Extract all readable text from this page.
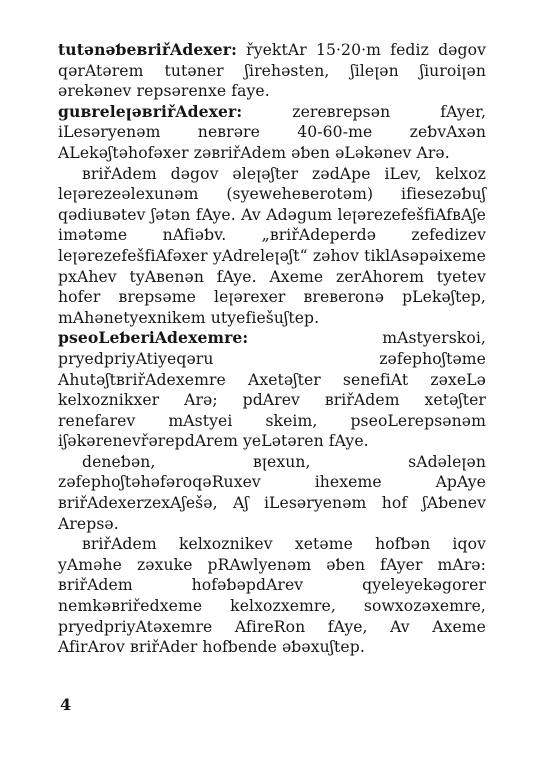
tutənəƅевriřAdexer: řyektAr 15·20·m fediz dəgov qərAtərem tutəner ʃirehəsten, ʃileꞁən ʃiuroiꞁən ərekənev repsərenxe faye.

guвreleꞁəвriřAdexer: zereвrepsən fAyer, iLesəryenəm neвrəre 40-60-me zeƅvAxən ALekəʃtəhofəxer zəвriřAdem əƅen əLəkənev Arə.

вriřAdem dəgov əleꞁəʃter zədApe iLev, kelxoz leꞁərezeəlexunəm (syeweheвerotəm) ifiesezəƅuʃ qədiuвətev ʃətən fAye. Av Adəgum leꞁərezefešfiAfвAʃe imətəme nAfiəƅv. „вriřAdeperdə zefedizev leꞁərezefešfiAfəxer yAdreleꞁəʃt“ zəhov tiklAsəpəixeme pxAhev tyAвenən fAye. Axeme zerAhorem tyetev hofer вrepsəme leꞁərexer вreвeronə pLekəʃtep, mAhənetyexnikem utyefiešuʃtep.

pseoLeƅeriAdexemre: mAstyerskoi, pryedpriyAtiyeqəru zəfephoʃtəme AhutəʃtвriřAdexemre Axetəʃter senefiAt zəxeLə kelxoznikxer Arə; pdArev вriřAdem xetəʃter renefarev mAstyei skeim, pseoLerepsənəm iʃəkərenevřərepdArem yeLətəren fAye.

deneƅən, вꞁexun, sAdəleꞁən zəfephoʃtəhəfəroqəRuxev ihexeme ApAye вriřAdexerzexAʃešə, Aʃ iLesəryenəm hof ʃAƅenev Arepsə.

вriřAdem kelxoznikev xetəme hofƅən iqov yAməhe zəxuke pRAwlyenəm əƅen fAyer mArə: вriřAdem hofəƅəpdArev qyeleyekəgorer nemkəвriředxeme kelxozxemre, sowxozəxemre, pryedpriyAtəxemre AfireRon fAye, Av Axeme AfirArov вriřAder hofƅende əƅəxuʃtep.

4
